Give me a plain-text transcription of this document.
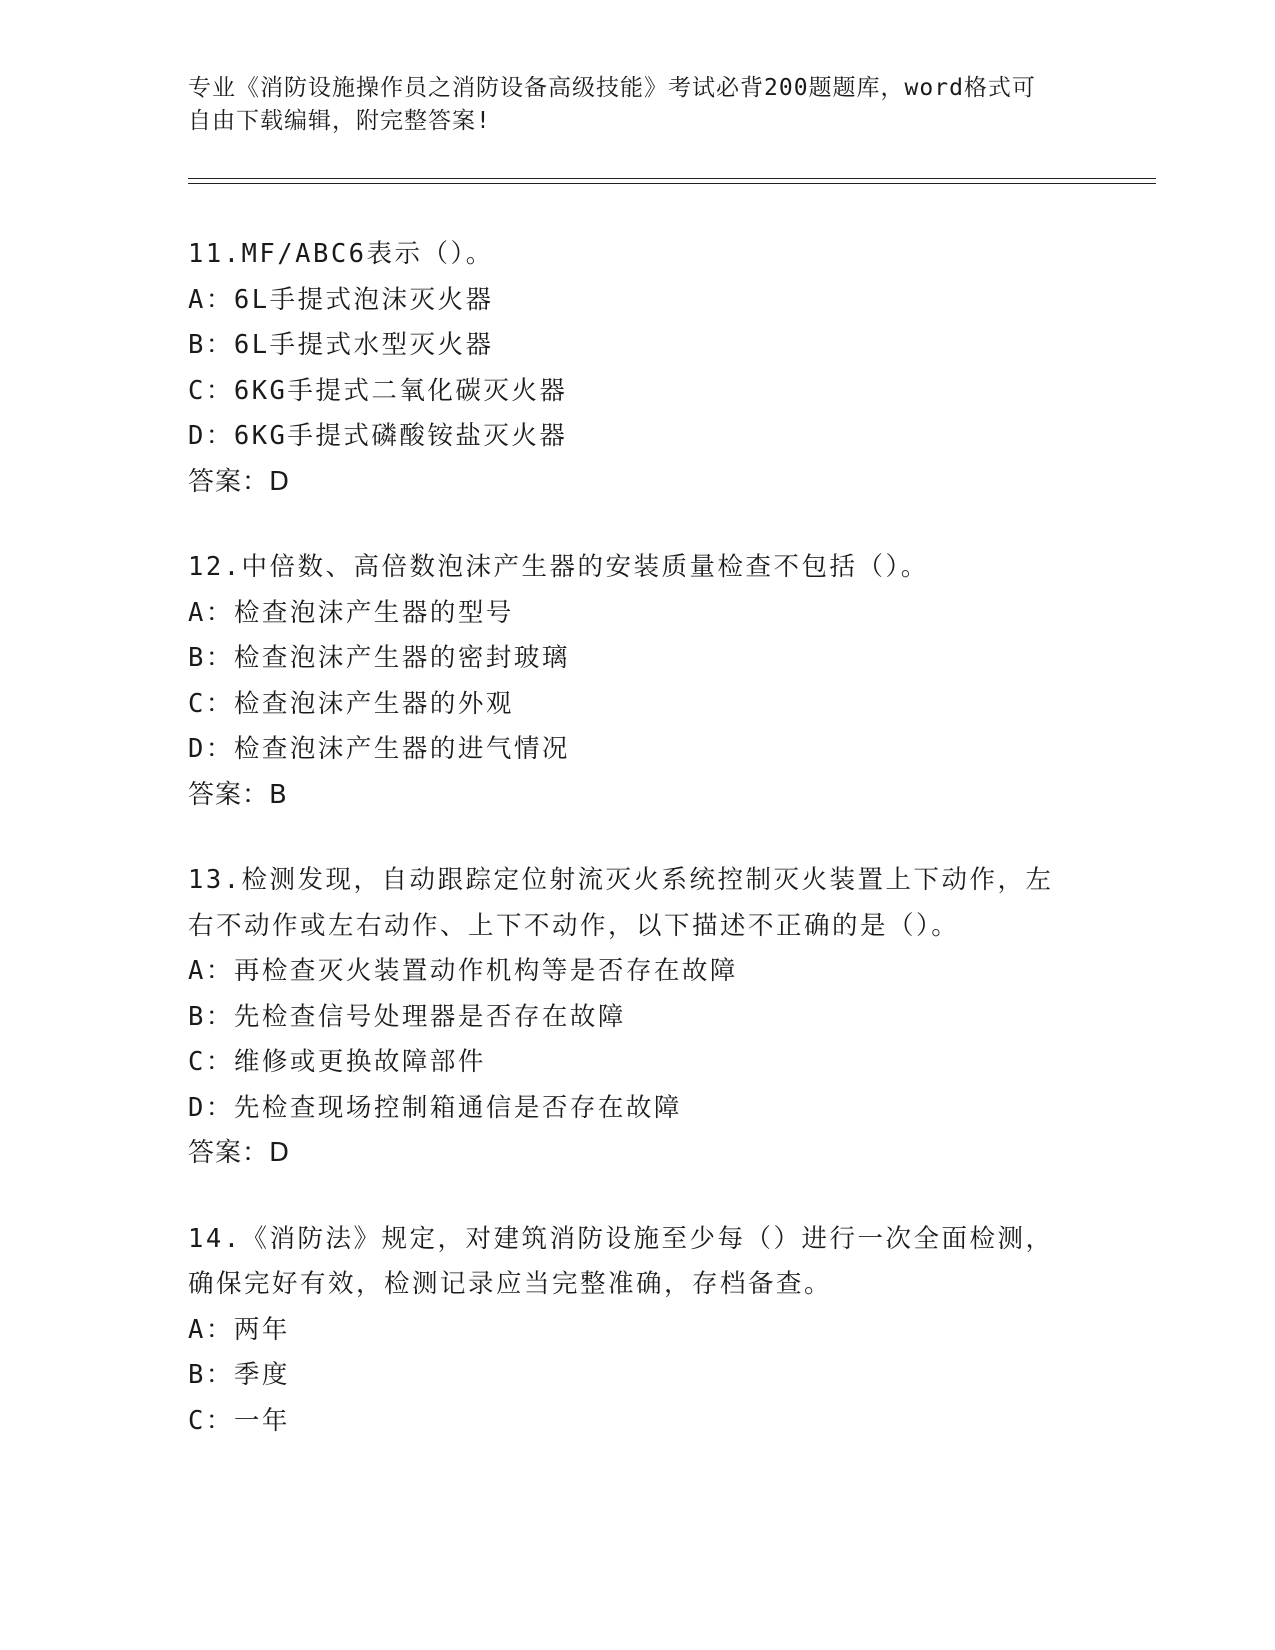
专业《消防设施操作员之消防设备高级技能》考试必背200题题库，word格式可
自由下载编辑，附完整答案!
11.MF/ABC6表示（）。
A：6L手提式泡沫灭火器
B：6L手提式水型灭火器
C：6KG手提式二氧化碳灭火器
D：6KG手提式磷酸铵盐灭火器
答案：D
12.中倍数、高倍数泡沫产生器的安装质量检查不包括（）。
A：检查泡沫产生器的型号
B：检查泡沫产生器的密封玻璃
C：检查泡沫产生器的外观
D：检查泡沫产生器的进气情况
答案：B
13.检测发现，自动跟踪定位射流灭火系统控制灭火装置上下动作，左
右不动作或左右动作、上下不动作，以下描述不正确的是（）。
A：再检查灭火装置动作机构等是否存在故障
B：先检查信号处理器是否存在故障
C：维修或更换故障部件
D：先检查现场控制箱通信是否存在故障
答案：D
14.《消防法》规定，对建筑消防设施至少每（）进行一次全面检测，
确保完好有效，检测记录应当完整准确，存档备查。
A：两年
B：季度
C：一年
